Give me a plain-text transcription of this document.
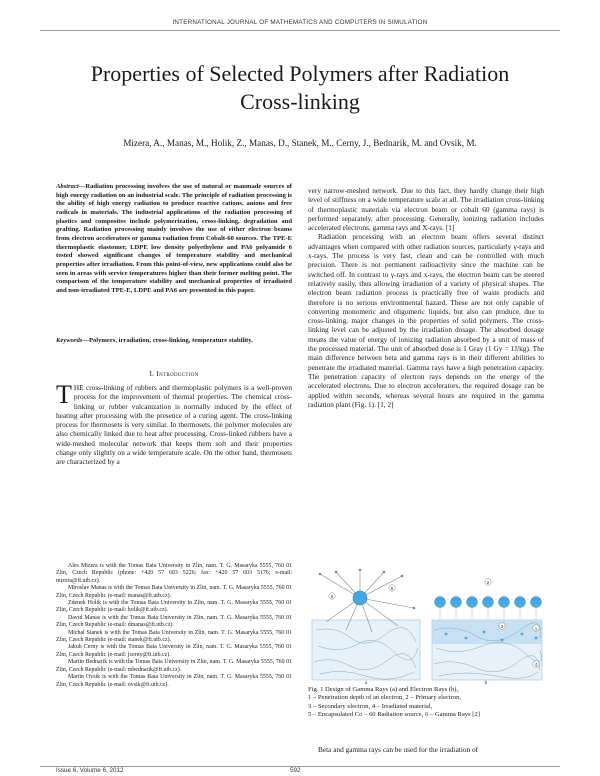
INTERNATIONAL JOURNAL OF MATHEMATICS AND COMPUTERS IN SIMULATION
Properties of Selected Polymers after Radiation
Cross-linking
Mizera, A., Manas, M., Holik, Z., Manas, D., Stanek, M., Cerny, J., Bednarik, M. and Ovsik, M.

Abstract—Radiation processing involves the use of natural or manmade sources of high energy radiation on an industrial scale. The principle of radiation processing is the ability of high energy radiation to produce reactive cations, anions and free radicals in materials. The industrial applications of the radiation processing of plastics and composites include polymerization, cross-linking, degradation and grafting. Radiation processing mainly involves the use of either electron beams from electron accelerators or gamma radiation from Cobalt-60 sources. The TPE-E thermoplastic elastomer, LDPE low density polyethylene and PA6 polyamide 6 tested showed significant changes of temperature stability and mechanical properties after irradiation. From this point-of-view, new applications could also be seen in areas with service temperatures higher than their former melting point. The comparison of the temperature stability and mechanical properties of irradiated and non-irradiated TPE-E, LDPE and PA6 are presented in this paper.

Keywords—Polymers, irradiation, cross-linking, temperature stability.

I. Introduction

THE cross-linking of rubbers and thermoplastic polymers is a well-proven process for the improvement of thermal properties. The chemical cross-linking or rubber vulcanization is normally induced by the effect of heating after processing with the presence of a curing agent. The cross-linking process for thermosets is very similar. In thermosets, the polymer molecules are also chemically linked due to heat after processing. Cross-linked rubbers have a wide-meshed molecular network that keeps them soft and their properties change only slightly on a wide temperature scale. On the other hand, thermosets are characterized by a

Ales Mizera is with the Tomas Bata University in Zlin, nam. T. G. Masaryka 5555, 760 01 Zlin, Czech Republic (phone: +420 57 603 5226; fax: +420 57 603 5176; e-mail: mizera@ft.utb.cz).

Miroslav Manas is with the Tomas Bata University in Zlin, nam. T. G. Masaryka 5555, 760 01 Zlin, Czech Republic (e-mail: manas@ft.utb.cz).

Zdenek Holik is with the Tomas Bata University in Zlin, nam. T. G. Masaryka 5555, 760 01 Zlin, Czech Republic (e-mail: holik@ft.utb.cz).

David Manas is with the Tomas Bata University in Zlin, nam. T. G. Masaryka 5555, 760 01 Zlin, Czech Republic (e-mail: dmanas@ft.utb.cz).

Michal Stanek is with the Tomas Bata University in Zlin, nam. T. G. Masaryka 5555, 760 01 Zlin, Czech Republic (e-mail: stanek@ft.utb.cz).

Jakub Cerny is with the Tomas Bata University in Zlin, nam. T. G. Masaryka 5555, 760 01 Zlin, Czech Republic (e-mail: jcerny@ft.utb.cz).

Martin Bednarik is with the Tomas Bata University in Zlin, nam. T. G. Masaryka 5555, 760 01 Zlin, Czech Republic (e-mail: mbednarik@ft.utb.cz).

Martin Ovsik is with the Tomas Bata University in Zlin, nam. T. G. Masaryka 5555, 760 01 Zlin, Czech Republic (e-mail: ovsik@ft.utb.cz).

very narrow-meshed network. Due to this fact, they hardly change their high level of stiffness on a wide temperature scale at all. The irradiation cross-linking of thermoplastic materials via electron beam or cobalt 60 (gamma rays) is performed separately, after processing. Generally, ionizing radiation includes accelerated electrons, gamma rays and X-rays. [1]

Radiation processing with an electron beam offers several distinct advantages when compared with other radiation sources, particularly γ-rays and x-rays. The process is very fast, clean and can be controlled with much precision. There is not permanent radioactivity since the machine can be switched off. In contrast to γ-rays and x-rays, the electron beam can be steered relatively easily, thus allowing irradiation of a variety of physical shapes. The electron beam radiation process is practically free of waste products and therefore is no serious environmental hazard. These are not only capable of converting monomeric and oligomeric liquids, but also can produce, due to cross-linking, major changes in the properties of solid polymers. The cross-linking level can be adjusted by the irradiation dosage. The absorbed dosage means the value of energy of ionizing radiation absorbed by a unit of mass of the processed material. The unit of absorbed dose is 1 Gray (1 Gy = 1J/kg). The main difference between beta and gamma rays is in their different abilities to penetrate the irradiated material. Gamma rays have a high penetration capacity. The penetration capacity of electron rays depends on the energy of the accelerated electrons. Due to electron accelerators, the required dosage can be applied within seconds, whereas several hours are required in the gamma radiation plant (Fig. 1). [1, 2]

5
6
a
1
2
3
4
b

Fig. 1 Design of Gamma Rays (a) and Electron Rays (b),

1 – Penetration depth of an electron, 2 – Primary electron,

3 – Secondary electron, 4 – Irradiated material,

5 – Encapsulated Co – 60 Radiation source, 6 – Gamma Rays [2]

Beta and gamma rays can be used for the irradiation of
Issue 6, Volume 6, 2012	592
